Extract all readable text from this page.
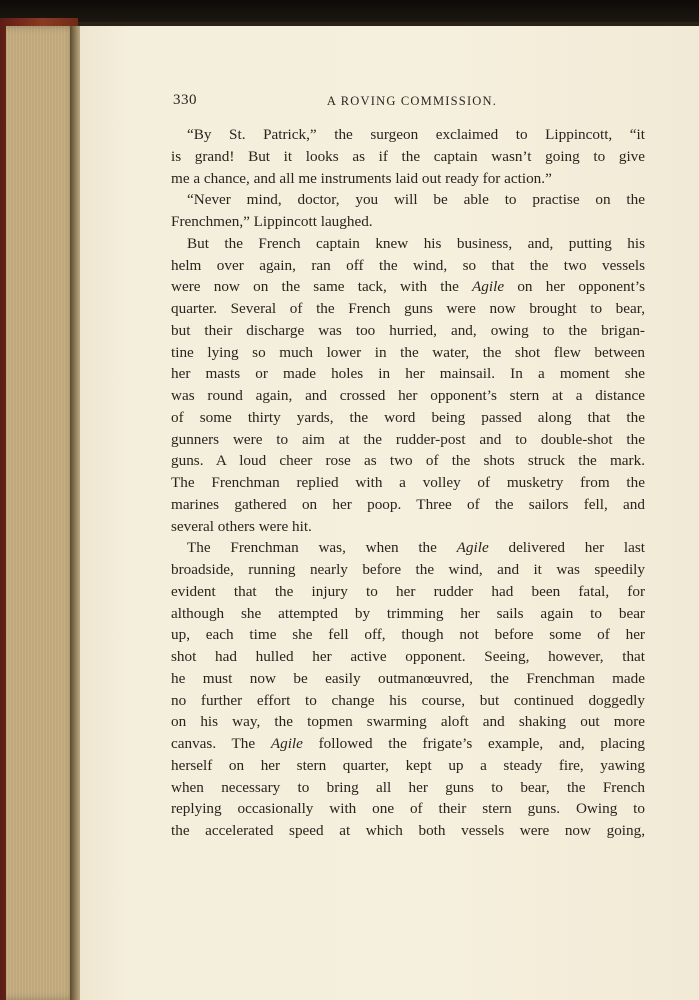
330	A ROVING COMMISSION.
“By St. Patrick,” the surgeon exclaimed to Lippincott, “it
is grand! But it looks as if the captain wasn’t going to give
me a chance, and all me instruments laid out ready for action.”
“Never mind, doctor, you will be able to practise on the
Frenchmen,” Lippincott laughed.
But the French captain knew his business, and, putting his
helm over again, ran off the wind, so that the two vessels
were now on the same tack, with the Agile on her opponent’s
quarter. Several of the French guns were now brought to bear,
but their discharge was too hurried, and, owing to the brigan-
tine lying so much lower in the water, the shot flew between
her masts or made holes in her mainsail. In a moment she
was round again, and crossed her opponent’s stern at a distance
of some thirty yards, the word being passed along that the
gunners were to aim at the rudder-post and to double-shot the
guns. A loud cheer rose as two of the shots struck the mark.
The Frenchman replied with a volley of musketry from the
marines gathered on her poop. Three of the sailors fell, and
several others were hit.
The Frenchman was, when the Agile delivered her last
broadside, running nearly before the wind, and it was speedily
evident that the injury to her rudder had been fatal, for
although she attempted by trimming her sails again to bear
up, each time she fell off, though not before some of her
shot had hulled her active opponent. Seeing, however, that
he must now be easily outmanœuvred, the Frenchman made
no further effort to change his course, but continued doggedly
on his way, the topmen swarming aloft and shaking out more
canvas. The Agile followed the frigate’s example, and, placing
herself on her stern quarter, kept up a steady fire, yawing
when necessary to bring all her guns to bear, the French
replying occasionally with one of their stern guns. Owing to
the accelerated speed at which both vessels were now going,
